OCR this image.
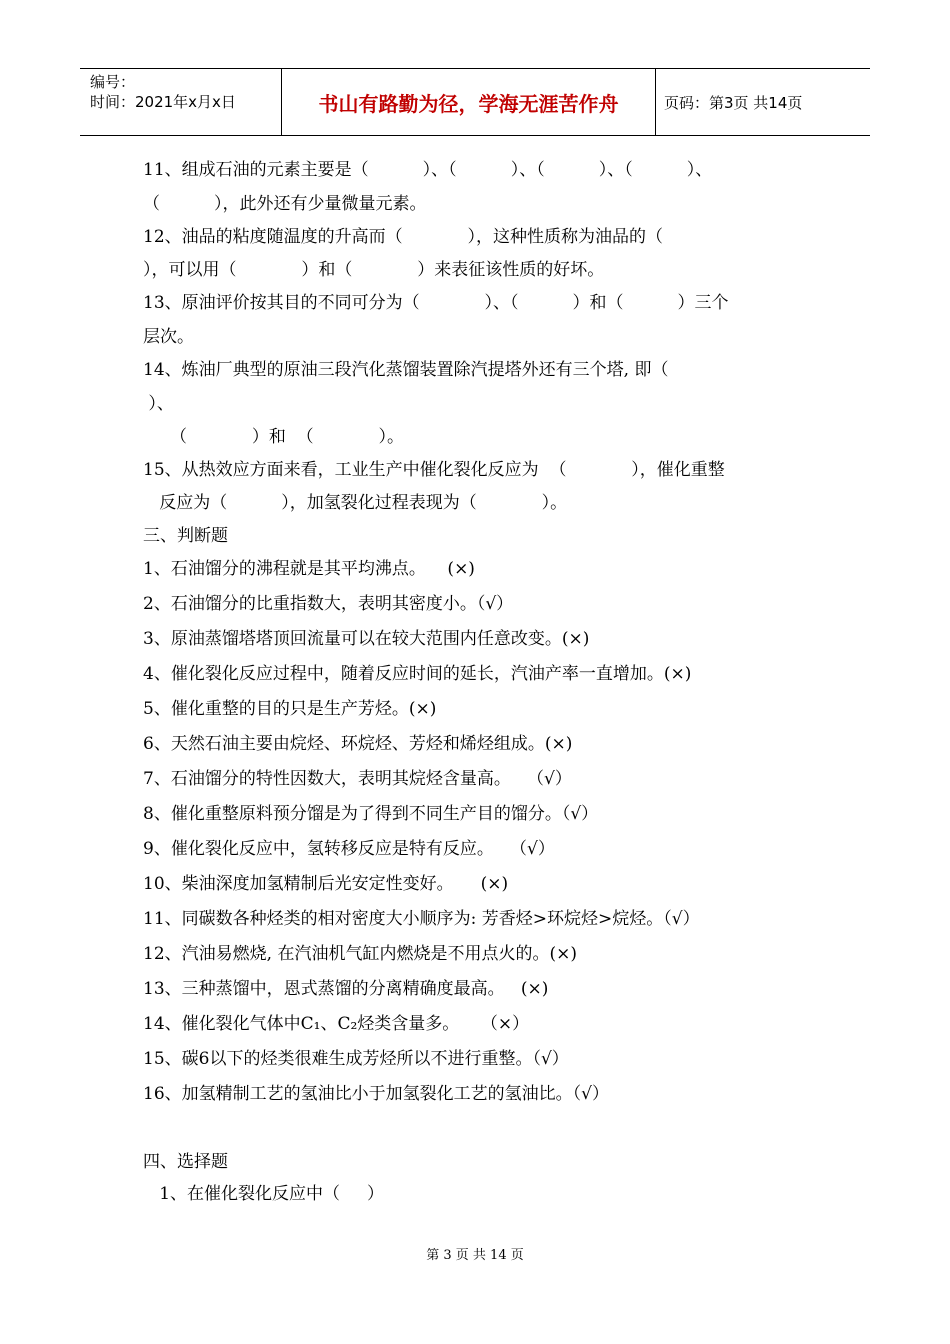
编号：
时间：2021年x月x日	书山有路勤为径，学海无涯苦作舟	页码：第3页 共14页
11、组成石油的元素主要是（          ）、（          ）、（          ）、（          ）、
（          ），此外还有少量微量元素。
12、油品的粘度随温度的升高而（            ），这种性质称为油品的（
），可以用（            ）和（            ）来表征该性质的好坏。
13、原油评价按其目的不同可分为（            ）、（          ）和（          ）三个
层次。
14、炼油厂典型的原油三段汽化蒸馏装置除汽提塔外还有三个塔, 即（
）、
（            ）和  （            ）。
15、从热效应方面来看，工业生产中催化裂化反应为  （            ），催化重整
反应为（          ），加氢裂化过程表现为（            ）。
三、判断题
1、石油馏分的沸程就是其平均沸点。    (×)
2、石油馏分的比重指数大，表明其密度小。（√）
3、原油蒸馏塔塔顶回流量可以在较大范围内任意改变。(×)
4、催化裂化反应过程中，随着反应时间的延长，汽油产率一直增加。(×)
5、催化重整的目的只是生产芳烃。(×)
6、天然石油主要由烷烃、环烷烃、芳烃和烯烃组成。(×)
7、石油馏分的特性因数大，表明其烷烃含量高。   （√）
8、催化重整原料预分馏是为了得到不同生产目的馏分。（√）
9、催化裂化反应中，氢转移反应是特有反应。   （√）
10、柴油深度加氢精制后光安定性变好。     (×)
11、同碳数各种烃类的相对密度大小顺序为: 芳香烃>环烷烃>烷烃。（√）
12、汽油易燃烧, 在汽油机气缸内燃烧是不用点火的。(×)
13、三种蒸馏中，恩式蒸馏的分离精确度最高。   (×)
14、催化裂化气体中C₁、C₂烃类含量多。    （×）
15、碳6以下的烃类很难生成芳烃所以不进行重整。（√）
16、加氢精制工艺的氢油比小于加氢裂化工艺的氢油比。（√）
四、选择题
1、在催化裂化反应中（     ）
第 3 页 共 14 页
